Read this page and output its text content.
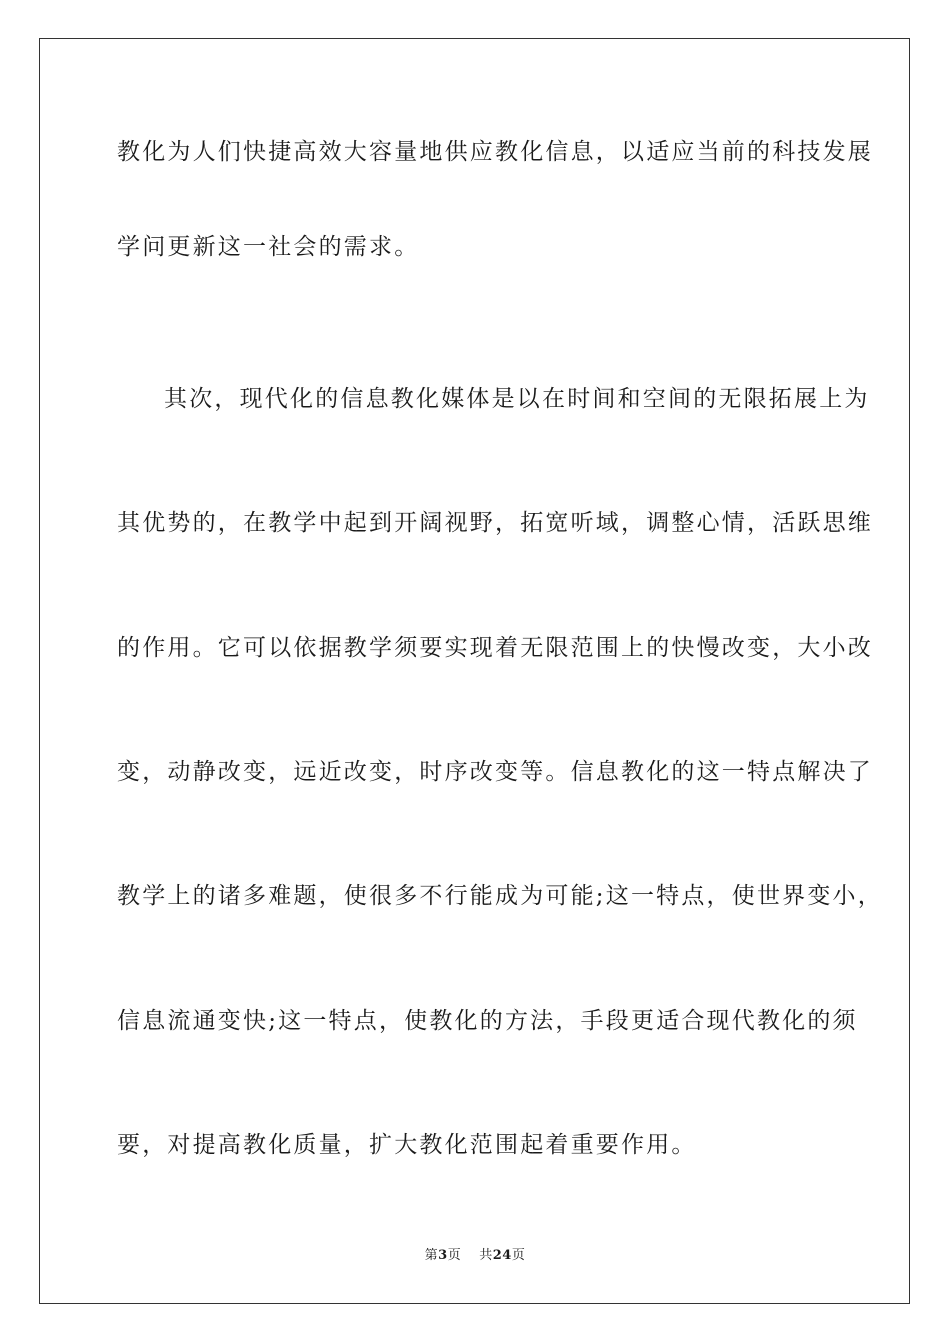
教化为人们快捷高效大容量地供应教化信息，以适应当前的科技发展
学问更新这一社会的需求。
其次，现代化的信息教化媒体是以在时间和空间的无限拓展上为
其优势的，在教学中起到开阔视野，拓宽听域，调整心情，活跃思维
的作用。它可以依据教学须要实现着无限范围上的快慢改变，大小改
变，动静改变，远近改变，时序改变等。信息教化的这一特点解决了
教学上的诸多难题，使很多不行能成为可能;这一特点，使世界变小，
信息流通变快;这一特点，使教化的方法，手段更适合现代教化的须
要，对提高教化质量，扩大教化范围起着重要作用。
第3页 共24页
